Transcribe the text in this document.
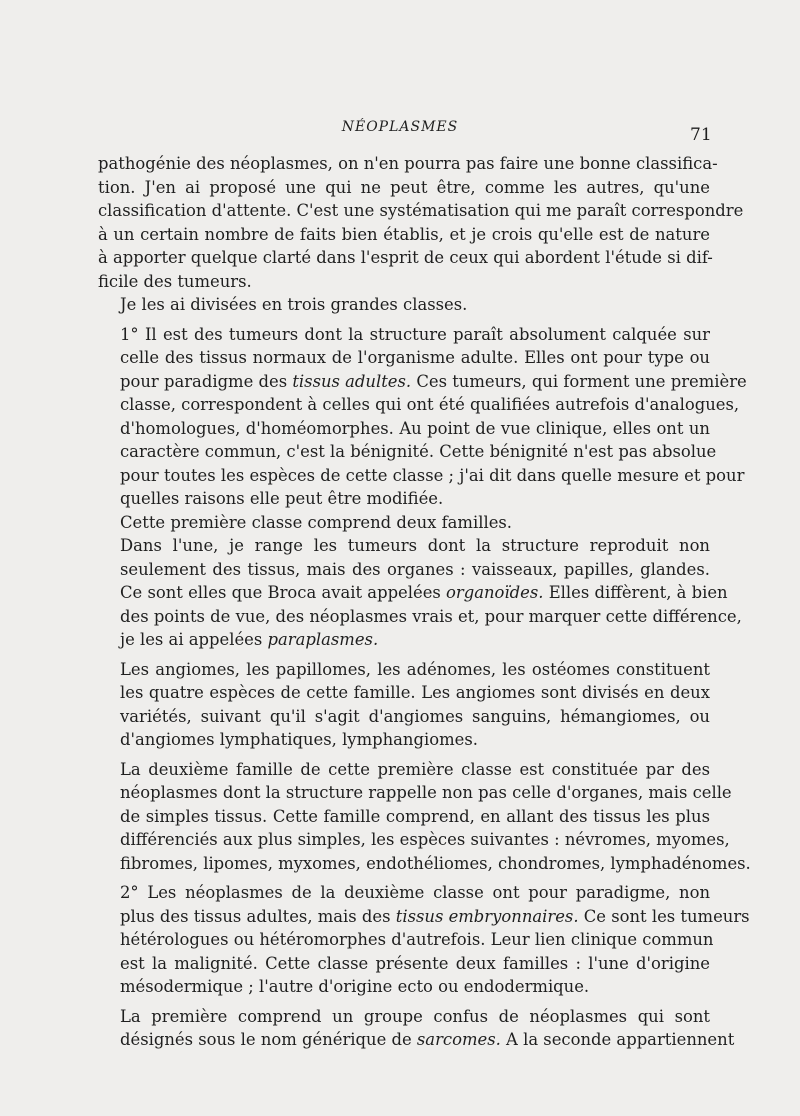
NÉOPLASMES	71

pathogénie des néoplasmes, on n'en pourra pas faire une bonne classifica-
tion. J'en ai proposé une qui ne peut être, comme les autres, qu'une
classification d'attente. C'est une systématisation qui me paraît correspondre
à un certain nombre de faits bien établis, et je crois qu'elle est de nature
à apporter quelque clarté dans l'esprit de ceux qui abordent l'étude si dif-
ficile des tumeurs.

Je les ai divisées en trois grandes classes.

1° Il est des tumeurs dont la structure paraît absolument calquée sur
celle des tissus normaux de l'organisme adulte. Elles ont pour type ou
pour paradigme des tissus adultes. Ces tumeurs, qui forment une première
classe, correspondent à celles qui ont été qualifiées autrefois d'analogues,
d'homologues, d'homéomorphes. Au point de vue clinique, elles ont un
caractère commun, c'est la bénignité. Cette bénignité n'est pas absolue
pour toutes les espèces de cette classe ; j'ai dit dans quelle mesure et pour
quelles raisons elle peut être modifiée.

Cette première classe comprend deux familles.

Dans l'une, je range les tumeurs dont la structure reproduit non
seulement des tissus, mais des organes : vaisseaux, papilles, glandes.
Ce sont elles que Broca avait appelées organoïdes. Elles diffèrent, à bien
des points de vue, des néoplasmes vrais et, pour marquer cette différence,
je les ai appelées paraplasmes.

Les angiomes, les papillomes, les adénomes, les ostéomes constituent
les quatre espèces de cette famille. Les angiomes sont divisés en deux
variétés, suivant qu'il s'agit d'angiomes sanguins, hémangiomes, ou
d'angiomes lymphatiques, lymphangiomes.

La deuxième famille de cette première classe est constituée par des
néoplasmes dont la structure rappelle non pas celle d'organes, mais celle
de simples tissus. Cette famille comprend, en allant des tissus les plus
différenciés aux plus simples, les espèces suivantes : névromes, myomes,
fibromes, lipomes, myxomes, endothéliomes, chondromes, lymphadénomes.

2° Les néoplasmes de la deuxième classe ont pour paradigme, non
plus des tissus adultes, mais des tissus embryonnaires. Ce sont les tumeurs
hétérologues ou hétéromorphes d'autrefois. Leur lien clinique commun
est la malignité. Cette classe présente deux familles : l'une d'origine
mésodermique ; l'autre d'origine ecto ou endodermique.

La première comprend un groupe confus de néoplasmes qui sont
désignés sous le nom générique de sarcomes. A la seconde appartiennent
